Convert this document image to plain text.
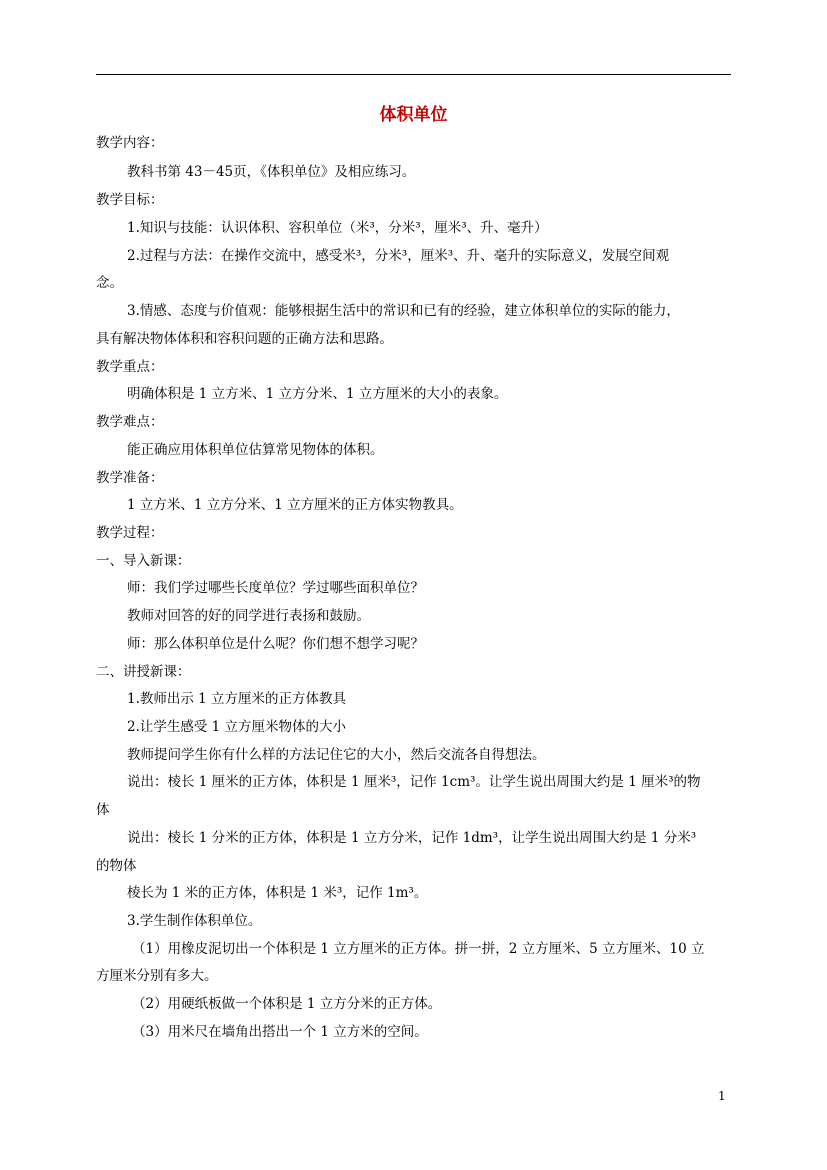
体积单位
教学内容：
教科书第 43－45页，《体积单位》及相应练习。
教学目标：
1.知识与技能：认识体积、容积单位（米³，分米³，厘米³、升、毫升）
2.过程与方法：在操作交流中，感受米³，分米³，厘米³、升、毫升的实际意义，发展空间观
念。
3.情感、态度与价值观：能够根据生活中的常识和已有的经验，建立体积单位的实际的能力，
具有解决物体体积和容积问题的正确方法和思路。
教学重点：
明确体积是 1 立方米、1 立方分米、1 立方厘米的大小的表象。
教学难点：
能正确应用体积单位估算常见物体的体积。
教学准备：
1 立方米、1 立方分米、1 立方厘米的正方体实物教具。
教学过程：
一、导入新课：
师：我们学过哪些长度单位？学过哪些面积单位？
教师对回答的好的同学进行表扬和鼓励。
师：那么体积单位是什么呢？你们想不想学习呢？
二、讲授新课：
1.教师出示 1 立方厘米的正方体教具
2.让学生感受 1 立方厘米物体的大小
教师提问学生你有什么样的方法记住它的大小，然后交流各自得想法。
说出：棱长 1 厘米的正方体，体积是 1 厘米³，记作 1cm³。让学生说出周围大约是 1 厘米³的物
体
说出：棱长 1 分米的正方体，体积是 1 立方分米，记作 1dm³，让学生说出周围大约是 1 分米³
的物体
棱长为 1 米的正方体，体积是 1 米³，记作 1m³。
3.学生制作体积单位。
（1）用橡皮泥切出一个体积是 1 立方厘米的正方体。拼一拼，2 立方厘米、5 立方厘米、10 立
方厘米分别有多大。
（2）用硬纸板做一个体积是 1 立方分米的正方体。
（3）用米尺在墙角出搭出一个 1 立方米的空间。
1
